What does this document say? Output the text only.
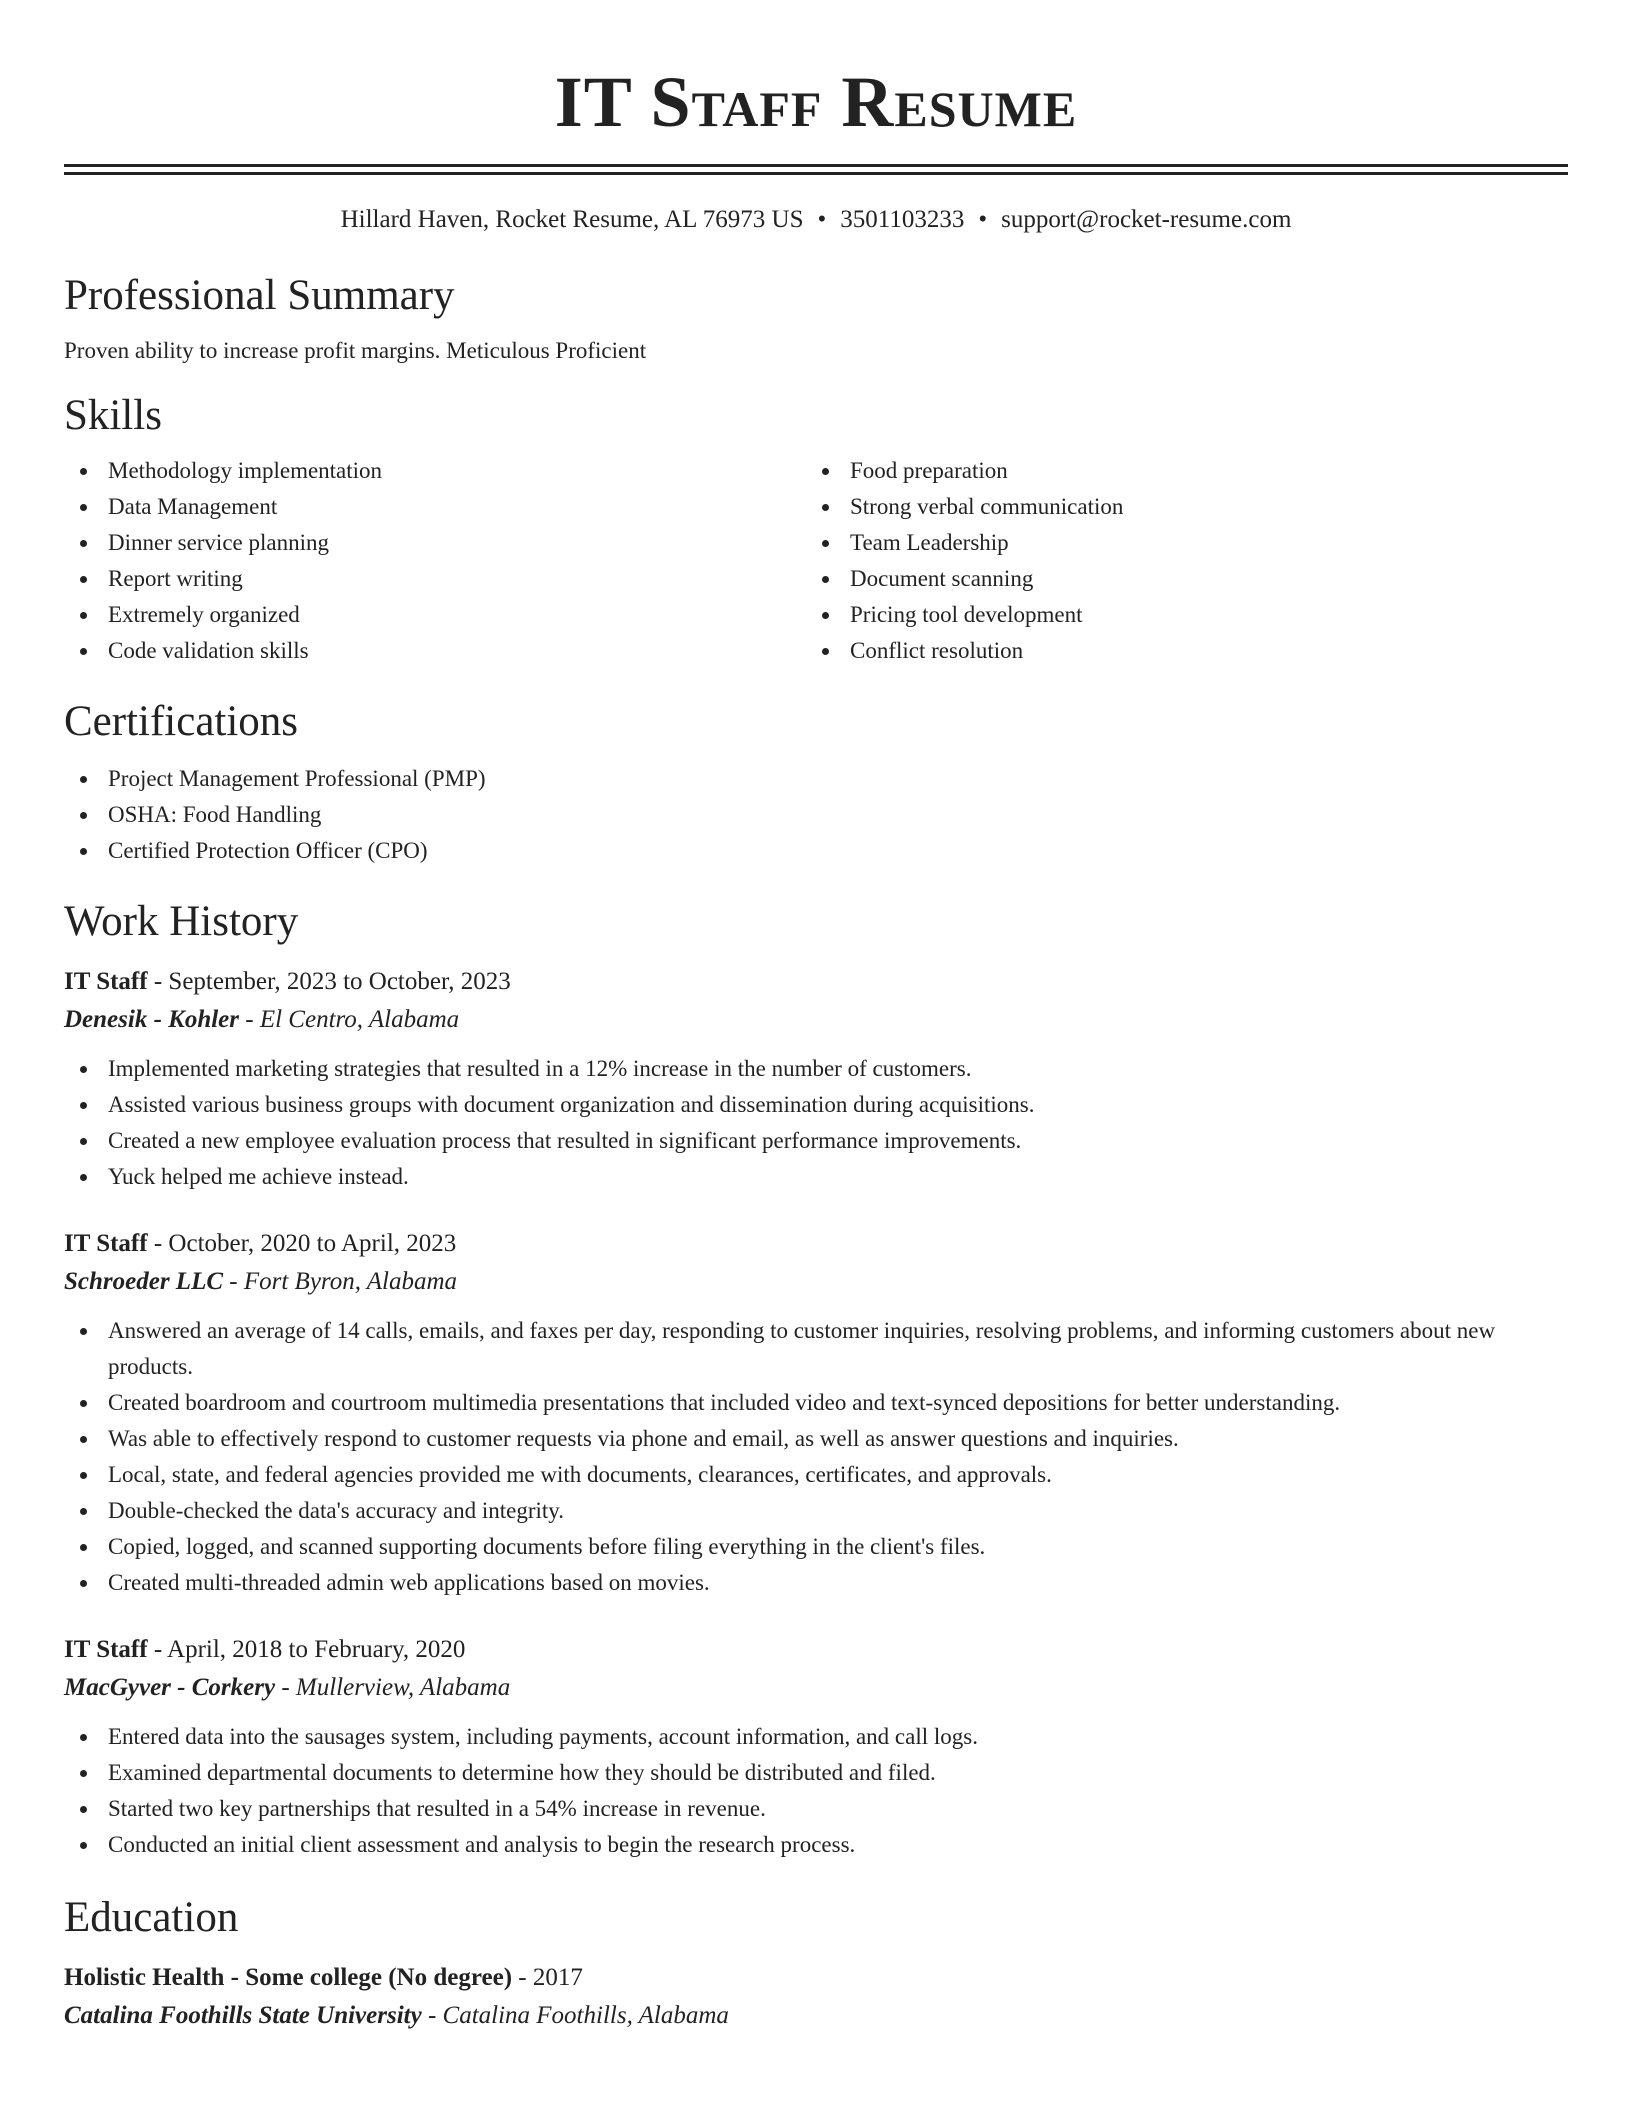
IT Staff Resume
Hillard Haven, Rocket Resume, AL 76973 US • 3501103233 • support@rocket-resume.com
Professional Summary
Proven ability to increase profit margins. Meticulous Proficient
Skills
Methodology implementation
Data Management
Dinner service planning
Report writing
Extremely organized
Code validation skills
Food preparation
Strong verbal communication
Team Leadership
Document scanning
Pricing tool development
Conflict resolution
Certifications
Project Management Professional (PMP)
OSHA: Food Handling
Certified Protection Officer (CPO)
Work History
IT Staff - September, 2023 to October, 2023
Denesik - Kohler - El Centro, Alabama
Implemented marketing strategies that resulted in a 12% increase in the number of customers.
Assisted various business groups with document organization and dissemination during acquisitions.
Created a new employee evaluation process that resulted in significant performance improvements.
Yuck helped me achieve instead.
IT Staff - October, 2020 to April, 2023
Schroeder LLC - Fort Byron, Alabama
Answered an average of 14 calls, emails, and faxes per day, responding to customer inquiries, resolving problems, and informing customers about new products.
Created boardroom and courtroom multimedia presentations that included video and text-synced depositions for better understanding.
Was able to effectively respond to customer requests via phone and email, as well as answer questions and inquiries.
Local, state, and federal agencies provided me with documents, clearances, certificates, and approvals.
Double-checked the data's accuracy and integrity.
Copied, logged, and scanned supporting documents before filing everything in the client's files.
Created multi-threaded admin web applications based on movies.
IT Staff - April, 2018 to February, 2020
MacGyver - Corkery - Mullerview, Alabama
Entered data into the sausages system, including payments, account information, and call logs.
Examined departmental documents to determine how they should be distributed and filed.
Started two key partnerships that resulted in a 54% increase in revenue.
Conducted an initial client assessment and analysis to begin the research process.
Education
Holistic Health - Some college (No degree) - 2017
Catalina Foothills State University - Catalina Foothills, Alabama
